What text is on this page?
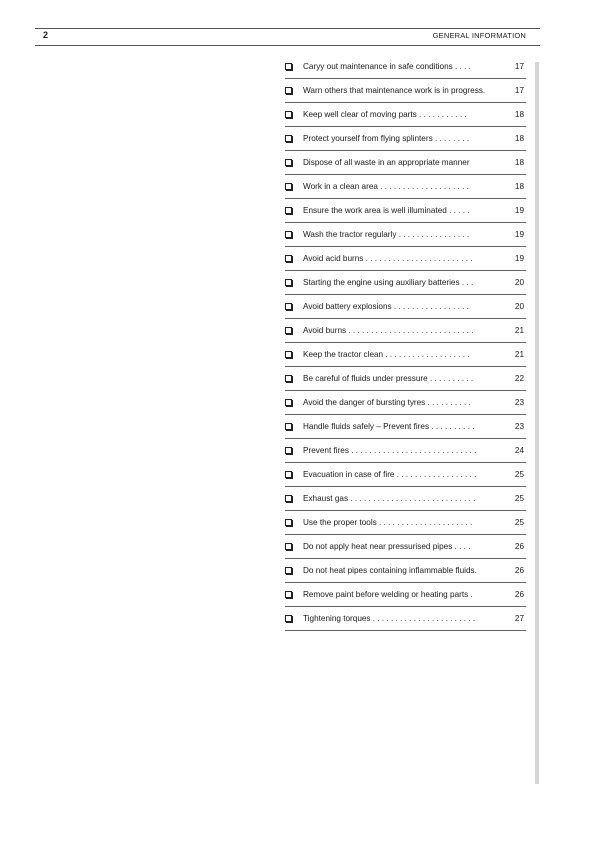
2	GENERAL INFORMATION
Caryy out maintenance in safe conditions . . . .	17
Warn others that maintenance work is in progress.	17
Keep well clear of moving parts . . . . . . . . . . .	18
Protect yourself from flying splinters . . . . . . . .	18
Dispose of all waste in an appropriate manner	18
Work in a clean area . . . . . . . . . . . . . . . . . . . .	18
Ensure the work area is well illuminated . . . . .	19
Wash the tractor regularly . . . . . . . . . . . . . . . .	19
Avoid acid burns . . . . . . . . . . . . . . . . . . . . . . . .	19
Starting the engine using auxiliary batteries . . .	20
Avoid battery explosions . . . . . . . . . . . . . . . . .	20
Avoid burns . . . . . . . . . . . . . . . . . . . . . . . . . . . .	21
Keep the tractor clean . . . . . . . . . . . . . . . . . . .	21
Be careful of fluids under pressure . . . . . . . . . .	22
Avoid the danger of bursting tyres . . . . . . . . . .	23
Handle fluids safely – Prevent fires . . . . . . . . . .	23
Prevent fires . . . . . . . . . . . . . . . . . . . . . . . . . . . .	24
Evacuation in case of fire . . . . . . . . . . . . . . . . . .	25
Exhaust gas . . . . . . . . . . . . . . . . . . . . . . . . . . . .	25
Use the proper tools . . . . . . . . . . . . . . . . . . . . .	25
Do not apply heat near pressurised pipes . . . .	26
Do not heat pipes containing inflammable fluids.	26
Remove paint before welding or heating parts .	26
Tightening torques . . . . . . . . . . . . . . . . . . . . . . .	27
